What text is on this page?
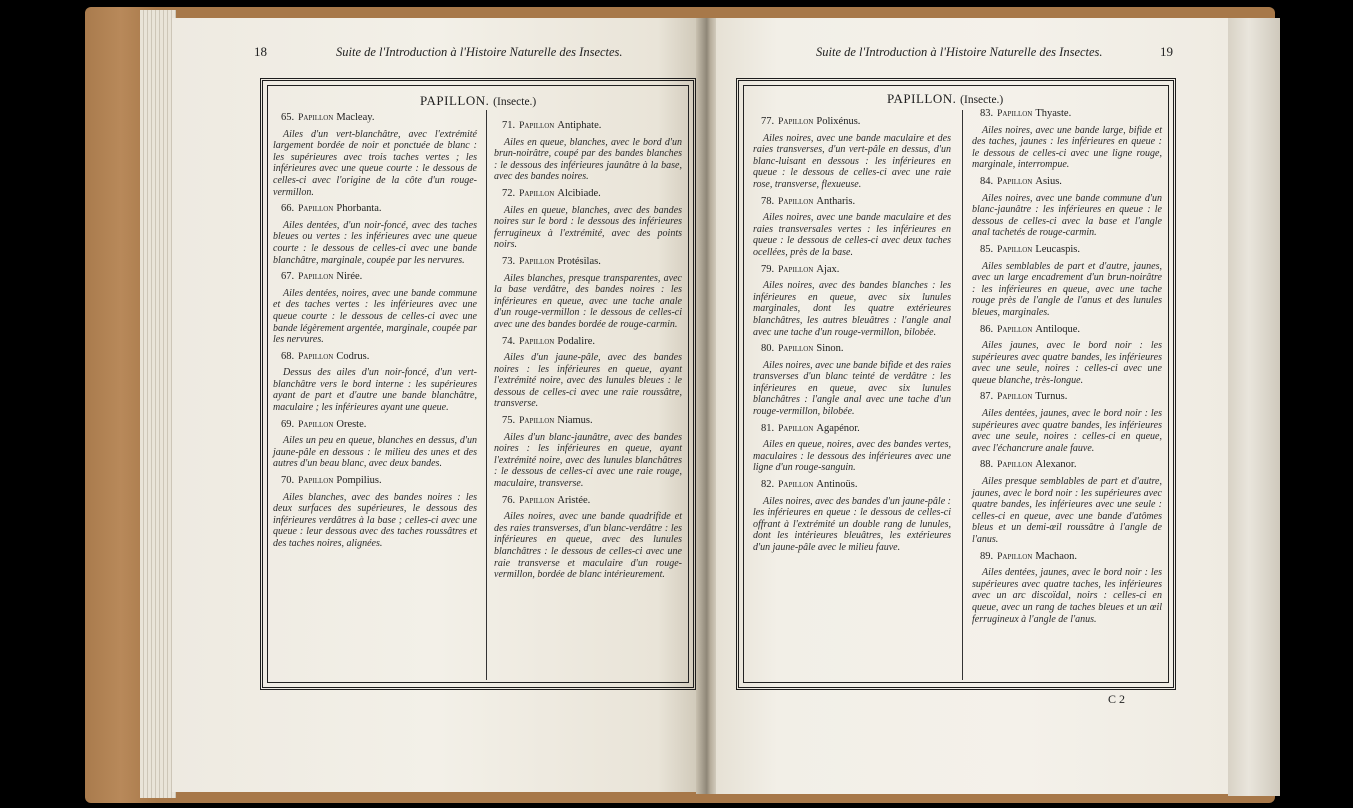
18	Suite de l'Introduction à l'Histoire Naturelle des Insectes.
PAPILLON. (Insecte.)
65. Papillon Macleay.

Ailes d'un vert-blanchâtre, avec l'extrémité largement bordée de noir et ponctuée de blanc : les supérieures avec trois taches vertes ; les inférieures avec une queue courte : le dessous de celles-ci avec l'origine de la côte d'un rouge-vermillon.

66. Papillon Phorbanta.

Ailes dentées, d'un noir-foncé, avec des taches bleues ou vertes : les inférieures avec une queue courte : le dessous de celles-ci avec une bande blanchâtre, marginale, coupée par les nervures.

67. Papillon Nirée.

Ailes dentées, noires, avec une bande commune et des taches vertes : les inférieures avec une queue courte : le dessous de celles-ci avec une bande légèrement argentée, marginale, coupée par les nervures.

68. Papillon Codrus.

Dessus des ailes d'un noir-foncé, d'un vert-blanchâtre vers le bord interne : les supérieures ayant de part et d'autre une bande blanchâtre, maculaire ; les inférieures ayant une queue.

69. Papillon Oreste.

Ailes un peu en queue, blanches en dessus, d'un jaune-pâle en dessous : le milieu des unes et des autres d'un beau blanc, avec deux bandes.

70. Papillon Pompilius.

Ailes blanches, avec des bandes noires : les deux surfaces des supérieures, le dessous des inférieures verdâtres à la base ; celles-ci avec une queue : leur dessous avec des taches roussâtres et des taches noires, alignées.

71. Papillon Antiphate.

Ailes en queue, blanches, avec le bord d'un brun-noirâtre, coupé par des bandes blanches : le dessous des inférieures jaunâtre à la base, avec des bandes noires.

72. Papillon Alcibiade.

Ailes en queue, blanches, avec des bandes noires sur le bord : le dessous des inférieures ferrugineux à l'extrémité, avec des points noirs.

73. Papillon Protésilas.

Ailes blanches, presque transparentes, avec la base verdâtre, des bandes noires : les inférieures en queue, avec une tache anale d'un rouge-vermillon : le dessous de celles-ci avec une des bandes bordée de rouge-carmin.

74. Papillon Podalire.

Ailes d'un jaune-pâle, avec des bandes noires : les inférieures en queue, ayant l'extrémité noire, avec des lunules bleues : le dessous de celles-ci avec une raie roussâtre, transverse.

75. Papillon Niamus.

Ailes d'un blanc-jaunâtre, avec des bandes noires : les inférieures en queue, ayant l'extrémité noire, avec des lunules blanchâtres : le dessous de celles-ci avec une raie rouge, maculaire, transverse.

76. Papillon Aristée.

Ailes noires, avec une bande quadrifide et des raies transverses, d'un blanc-verdâtre : les inférieures en queue, avec des lunules blanchâtres : le dessous de celles-ci avec une raie transverse et maculaire d'un rouge-vermillon, bordée de blanc intérieurement.

Suite de l'Introduction à l'Histoire Naturelle des Insectes.	19
PAPILLON. (Insecte.)
77. Papillon Polixénus.

Ailes noires, avec une bande maculaire et des raies transverses, d'un vert-pâle en dessus, d'un blanc-luisant en dessous : les inférieures en queue : le dessous de celles-ci avec une raie rose, transverse, flexueuse.

78. Papillon Antharis.

Ailes noires, avec une bande maculaire et des raies transversales vertes : les inférieures en queue : le dessous de celles-ci avec deux taches ocellées, près de la base.

79. Papillon Ajax.

Ailes noires, avec des bandes blanches : les inférieures en queue, avec six lunules marginales, dont les quatre extérieures blanchâtres, les autres bleuâtres : l'angle anal avec une tache d'un rouge-vermillon, bilobée.

80. Papillon Sinon.

Ailes noires, avec une bande bifide et des raies transverses d'un blanc teinté de verdâtre : les inférieures en queue, avec six lunules blanchâtres : l'angle anal avec une tache d'un rouge-vermillon, bilobée.

81. Papillon Agapénor.

Ailes en queue, noires, avec des bandes vertes, maculaires : le dessous des inférieures avec une ligne d'un rouge-sanguin.

82. Papillon Antinoüs.

Ailes noires, avec des bandes d'un jaune-pâle : les inférieures en queue : le dessous de celles-ci offrant à l'extrémité un double rang de lunules, dont les intérieures bleuâtres, les extérieures d'un jaune-pâle avec le milieu fauve.

83. Papillon Thyaste.

Ailes noires, avec une bande large, bifide et des taches, jaunes : les inférieures en queue : le dessous de celles-ci avec une ligne rouge, marginale, interrompue.

84. Papillon Asius.

Ailes noires, avec une bande commune d'un blanc-jaunâtre : les inférieures en queue : le dessous de celles-ci avec la base et l'angle anal tachetés de rouge-carmin.

85. Papillon Leucaspis.

Ailes semblables de part et d'autre, jaunes, avec un large encadrement d'un brun-noirâtre : les inférieures en queue, avec une tache rouge près de l'angle de l'anus et des lunules bleues, marginales.

86. Papillon Antiloque.

Ailes jaunes, avec le bord noir : les supérieures avec quatre bandes, les inférieures avec une seule, noires : celles-ci avec une queue blanche, très-longue.

87. Papillon Turnus.

Ailes dentées, jaunes, avec le bord noir : les supérieures avec quatre bandes, les inférieures avec une seule, noires : celles-ci en queue, avec l'échancrure anale fauve.

88. Papillon Alexanor.

Ailes presque semblables de part et d'autre, jaunes, avec le bord noir : les supérieures avec quatre bandes, les inférieures avec une seule : celles-ci en queue, avec une bande d'atômes bleus et un demi-œil roussâtre à l'angle de l'anus.

89. Papillon Machaon.

Ailes dentées, jaunes, avec le bord noir : les supérieures avec quatre taches, les inférieures avec un arc discoïdal, noirs : celles-ci en queue, avec un rang de taches bleues et un œil ferrugineux à l'angle de l'anus.

C 2
